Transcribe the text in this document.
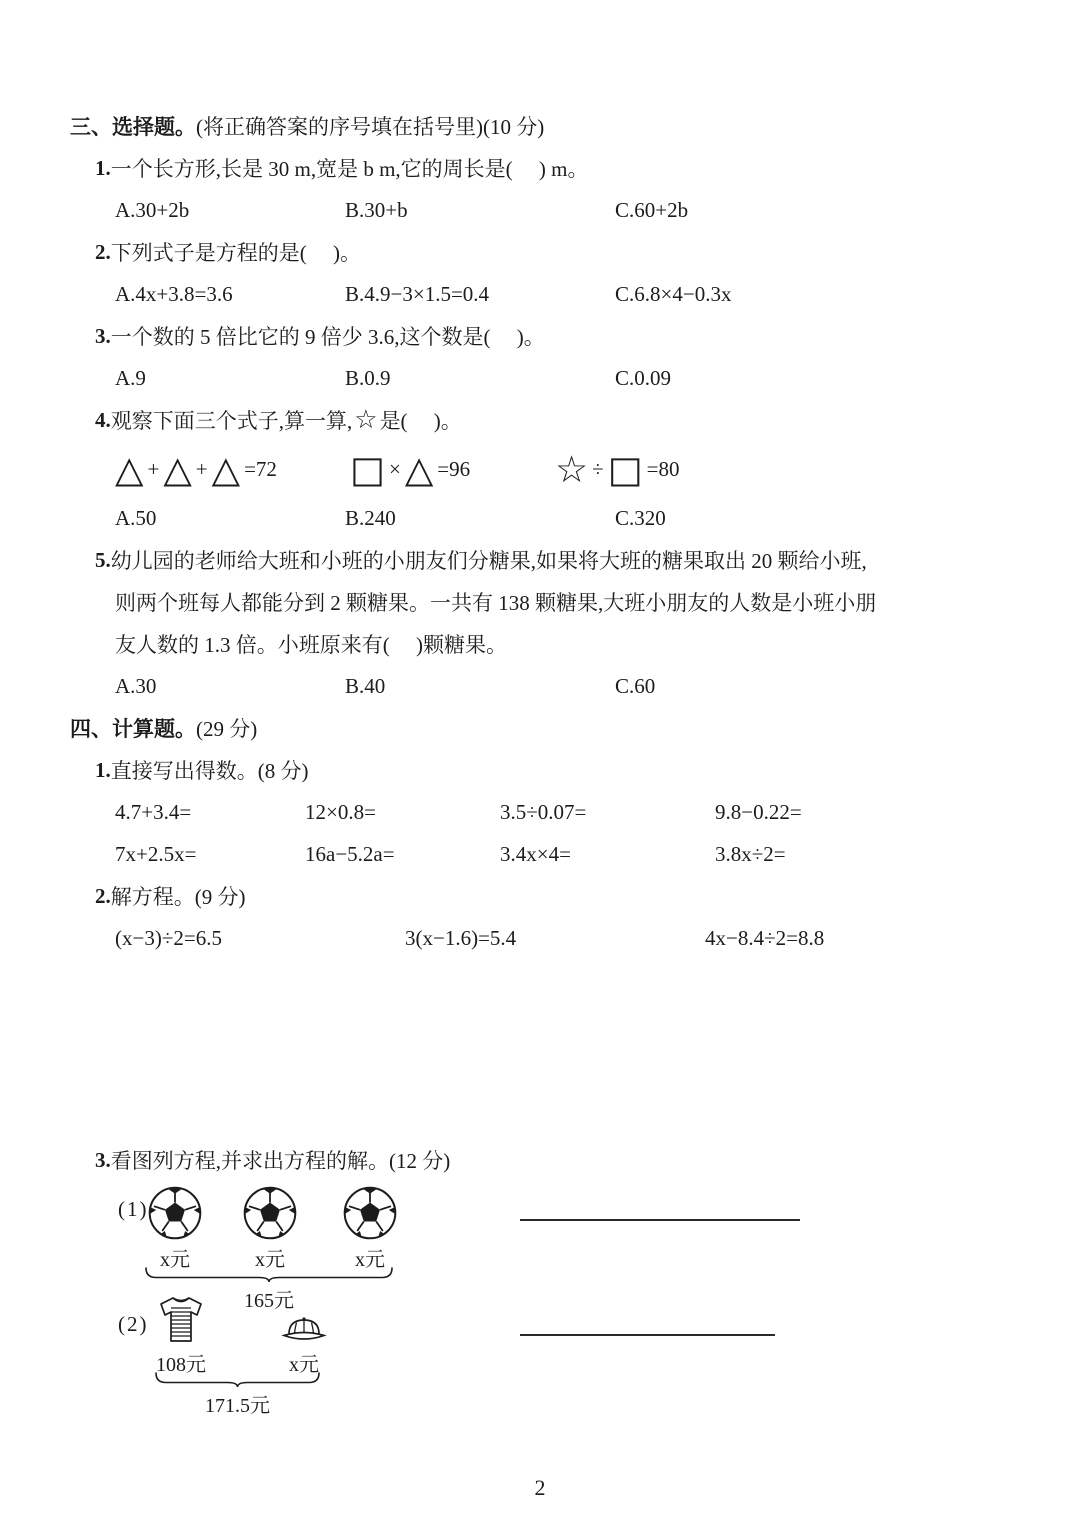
三、选择题。 (将正确答案的序号填在括号里)(10 分)
1. 一个长方形,长是 30 m,宽是 b m,它的周长是(     ) m。
A.30+2b	B.30+b	C.60+2b
2. 下列式子是方程的是(     )。
A.4x+3.8=3.6	B.4.9−3×1.5=0.4	C.6.8×4−0.3x
3. 一个数的 5 倍比它的 9 倍少 3.6,这个数是(     )。
A.9	B.0.9	C.0.09
4. 观察下面三个式子,算一算, ☆ 是(     )。
△ + △ + △ =72 □ × △ =96 ☆ ÷ □ =80
A.50	B.240	C.320
5. 幼儿园的老师给大班和小班的小朋友们分糖果,如果将大班的糖果取出 20 颗给小班,
则两个班每人都能分到 2 颗糖果。一共有 138 颗糖果,大班小朋友的人数是小班小朋
友人数的 1.3 倍。小班原来有(     )颗糖果。
A.30	B.40	C.60
四、计算题。 (29 分)
1. 直接写出得数。(8 分)
4.7+3.4=	12×0.8=	3.5÷0.07=	9.8−0.22=
7x+2.5x=	16a−5.2a=	3.4x×4=	3.8x÷2=
2. 解方程。(9 分)
(x−3)÷2=6.5	3(x−1.6)=5.4	4x−8.4÷2=8.8
3. 看图列方程,并求出方程的解。(12 分)
(1)
x元	x元	x元
165元
(2)
108元	x元
171.5元
2
